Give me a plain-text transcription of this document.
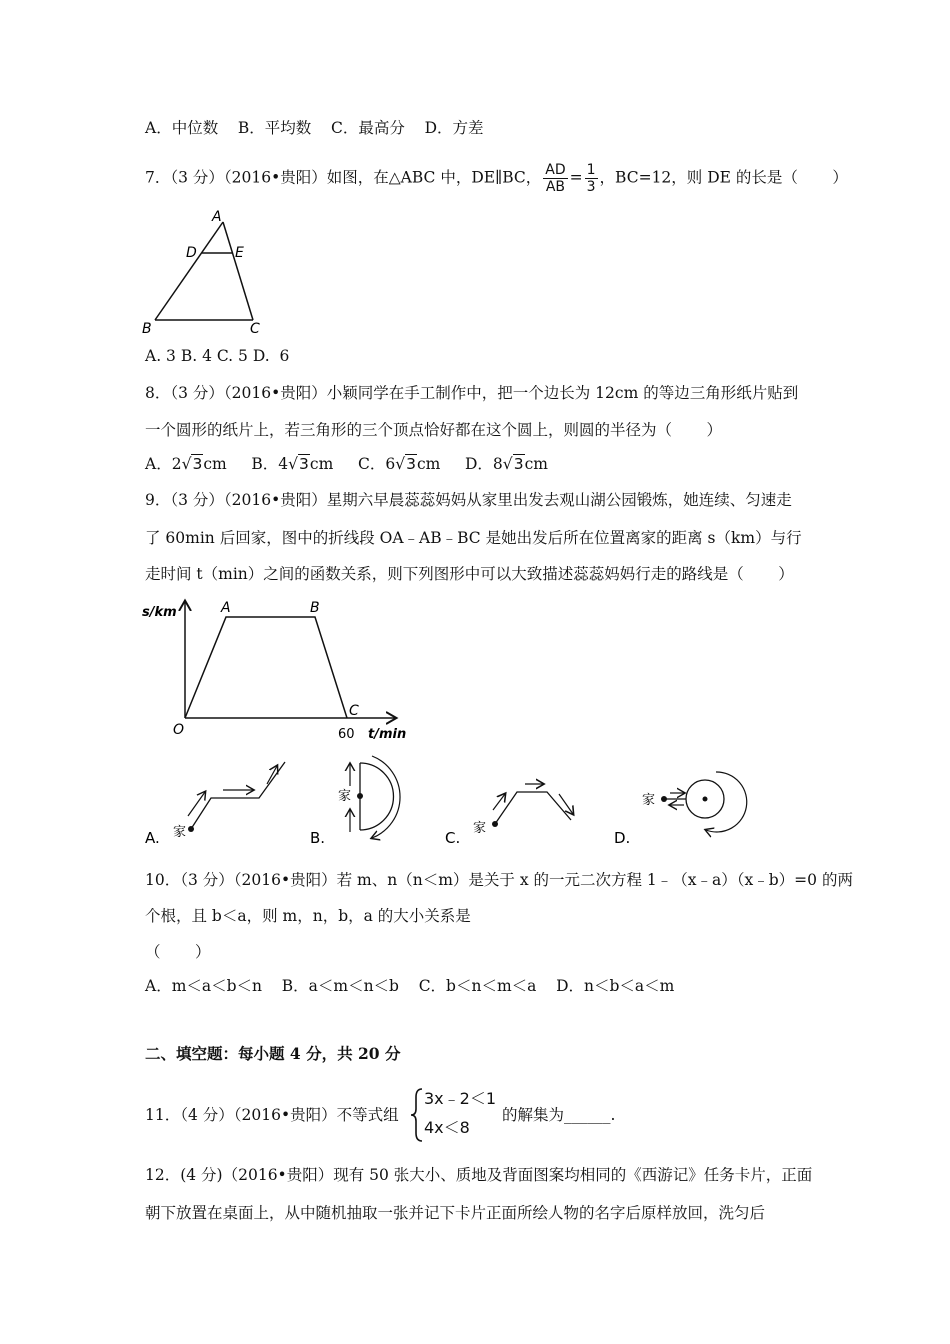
A．中位数    B．平均数    C．最高分    D．方差
7．（3 分）（2016•贵阳）如图，在△ABC 中，DE∥BC， $\frac{AD}{AB} = \frac{1}{3}$ ，BC=12，则 DE 的长是（       ）
A
D	E
B	C
A. 3 B. 4 C. 5 D.  6
8．（3 分）（2016•贵阳）小颖同学在手工制作中，把一个边长为 12cm 的等边三角形纸片贴到
一个圆形的纸片上，若三角形的三个顶点恰好都在这个圆上，则圆的半径为（       ）
A．2√3cm B．4√3cm C．6√3cm D．8√3cm
9．（3 分）（2016•贵阳）星期六早晨蕊蕊妈妈从家里出发去观山湖公园锻炼，她连续、匀速走
了 60min 后回家，图中的折线段 OA﹣AB﹣BC 是她出发后所在位置离家的距离 s（km）与行
走时间 t（min）之间的函数关系，则下列图形中可以大致描述蕊蕊妈妈行走的路线是（       ）
s/km
t/min
O
A	B
C
60
家
A.
家
B.
家
C.
家
D.
10．（3 分）（2016•贵阳）若 m、n（n＜m）是关于 x 的一元二次方程 1﹣（x﹣a）（x﹣b）=0 的两
个根，且 b＜a，则 m，n，b，a 的大小关系是
（       ）
A．m＜a＜b＜n    B．a＜m＜n＜b    C．b＜n＜m＜a    D．n＜b＜a＜m
二、填空题：每小题 4 分，共 20 分
11．（4 分）（2016•贵阳）不等式组
3x﹣2＜1
4x＜8
的解集为______.
12．(4 分)（2016•贵阳）现有 50 张大小、质地及背面图案均相同的《西游记》任务卡片，正面
朝下放置在桌面上，从中随机抽取一张并记下卡片正面所绘人物的名字后原样放回，洗匀后
